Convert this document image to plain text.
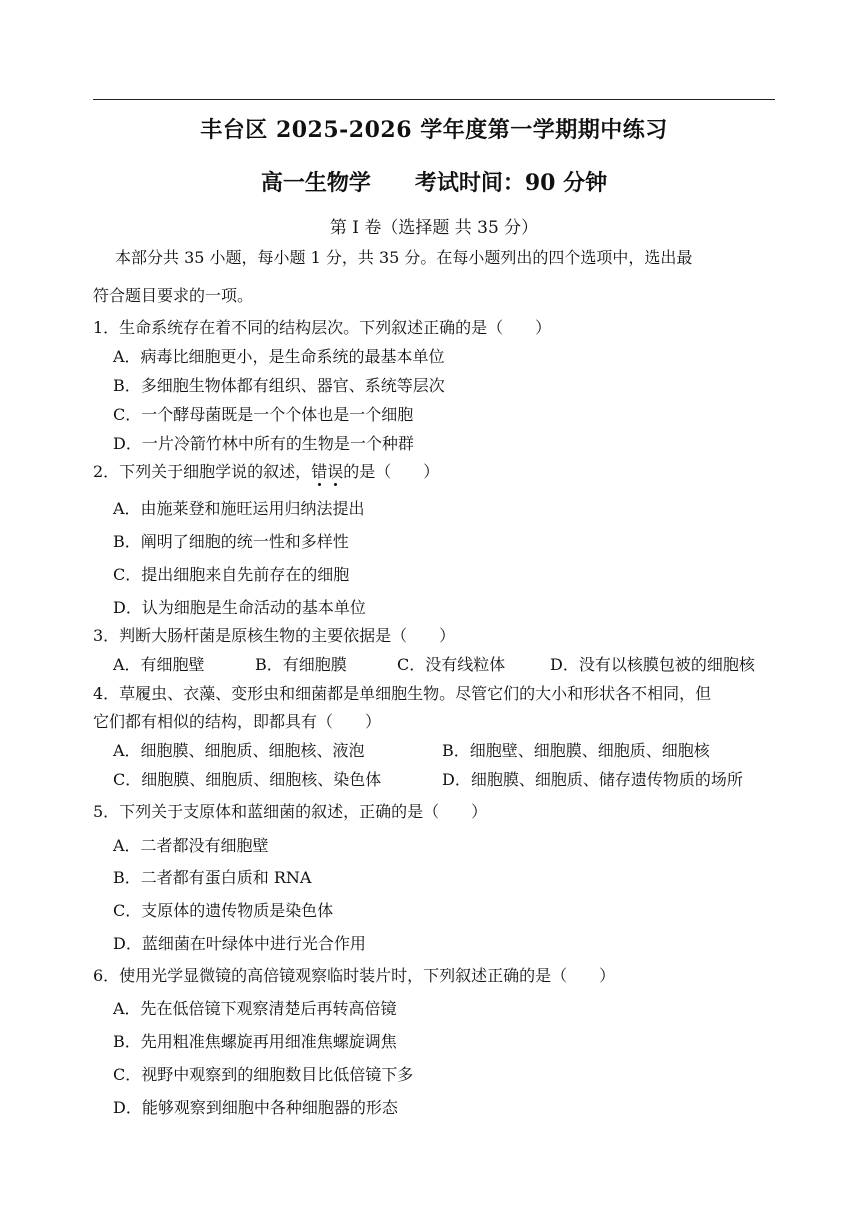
丰台区 2025-2026 学年度第一学期期中练习
高一生物学 考试时间：90 分钟
第 I 卷（选择题 共 35 分）
本部分共 35 小题，每小题 1 分，共 35 分。在每小题列出的四个选项中，选出最
符合题目要求的一项。
1．生命系统存在着不同的结构层次。下列叙述正确的是（　　）
A．病毒比细胞更小，是生命系统的最基本单位
B．多细胞生物体都有组织、器官、系统等层次
C．一个酵母菌既是一个个体也是一个细胞
D．一片冷箭竹林中所有的生物是一个种群
2．下列关于细胞学说的叙述，错误的是（　　）
A．由施莱登和施旺运用归纳法提出
B．阐明了细胞的统一性和多样性
C．提出细胞来自先前存在的细胞
D．认为细胞是生命活动的基本单位
3．判断大肠杆菌是原核生物的主要依据是（　　）
A．有细胞壁	B．有细胞膜	C．没有线粒体	D．没有以核膜包被的细胞核
4．草履虫、衣藻、变形虫和细菌都是单细胞生物。尽管它们的大小和形状各不相同，但
它们都有相似的结构，即都具有（　　）
A．细胞膜、细胞质、细胞核、液泡	B．细胞壁、细胞膜、细胞质、细胞核
C．细胞膜、细胞质、细胞核、染色体	D．细胞膜、细胞质、储存遗传物质的场所
5．下列关于支原体和蓝细菌的叙述，正确的是（　　）
A．二者都没有细胞壁
B．二者都有蛋白质和 RNA
C．支原体的遗传物质是染色体
D．蓝细菌在叶绿体中进行光合作用
6．使用光学显微镜的高倍镜观察临时装片时，下列叙述正确的是（　　）
A．先在低倍镜下观察清楚后再转高倍镜
B．先用粗准焦螺旋再用细准焦螺旋调焦
C．视野中观察到的细胞数目比低倍镜下多
D．能够观察到细胞中各种细胞器的形态
